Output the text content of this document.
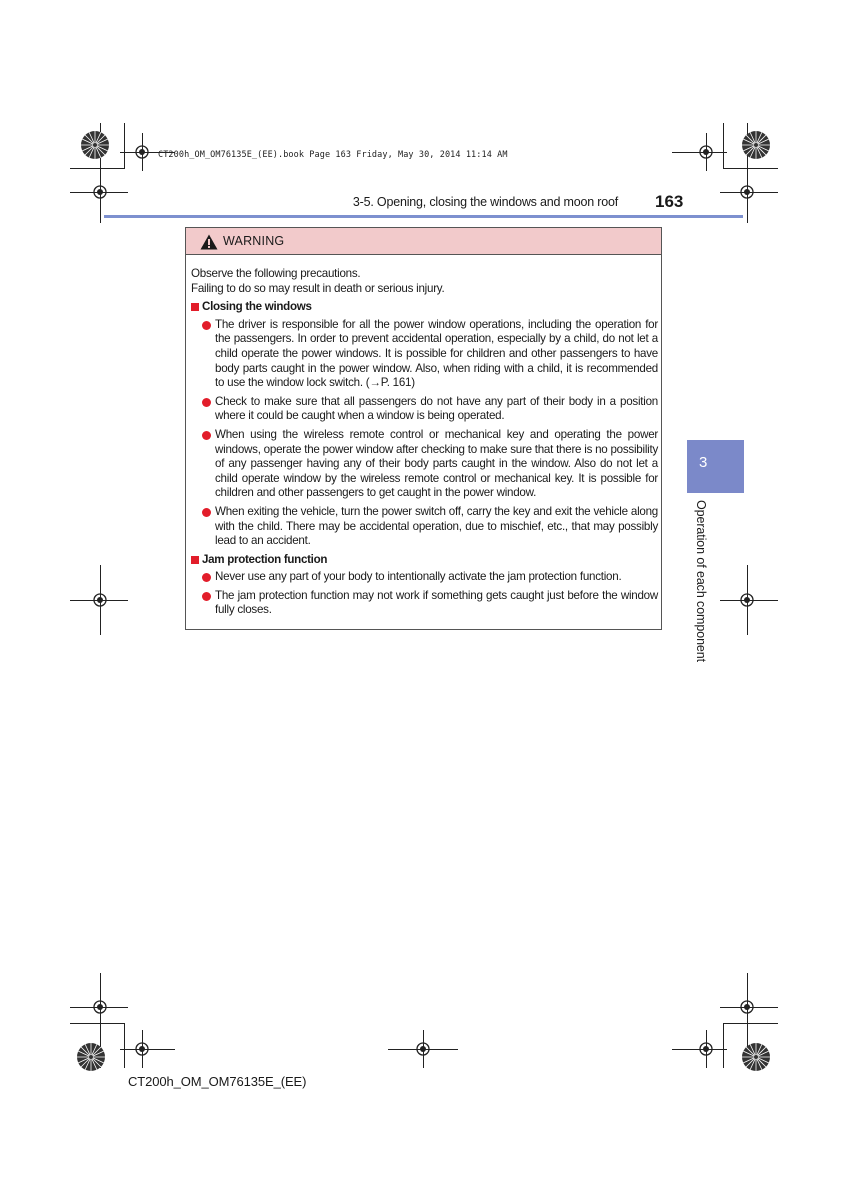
CT200h_OM_OM76135E_(EE).book Page 163 Friday, May 30, 2014 11:14 AM
3-5. Opening, closing the windows and moon roof 163
3
Operation of each component
WARNING

Observe the following precautions.

Failing to do so may result in death or serious injury.

Closing the windows
The driver is responsible for all the power window operations, including the operation for the passengers. In order to prevent accidental operation, especially by a child, do not let a child operate the power windows. It is possible for children and other passengers to have body parts caught in the power window. Also, when riding with a child, it is recommended to use the window lock switch. (→P. 161)
Check to make sure that all passengers do not have any part of their body in a position where it could be caught when a window is being operated.
When using the wireless remote control or mechanical key and operating the power windows, operate the power window after checking to make sure that there is no possibility of any passenger having any of their body parts caught in the window. Also do not let a child operate window by the wireless remote control or mechanical key. It is possible for children and other passengers to get caught in the power window.
When exiting the vehicle, turn the power switch off, carry the key and exit the vehicle along with the child. There may be accidental operation, due to mischief, etc., that may possibly lead to an accident.
Jam protection function
Never use any part of your body to intentionally activate the jam protection function.
The jam protection function may not work if something gets caught just before the window fully closes.
CT200h_OM_OM76135E_(EE)
